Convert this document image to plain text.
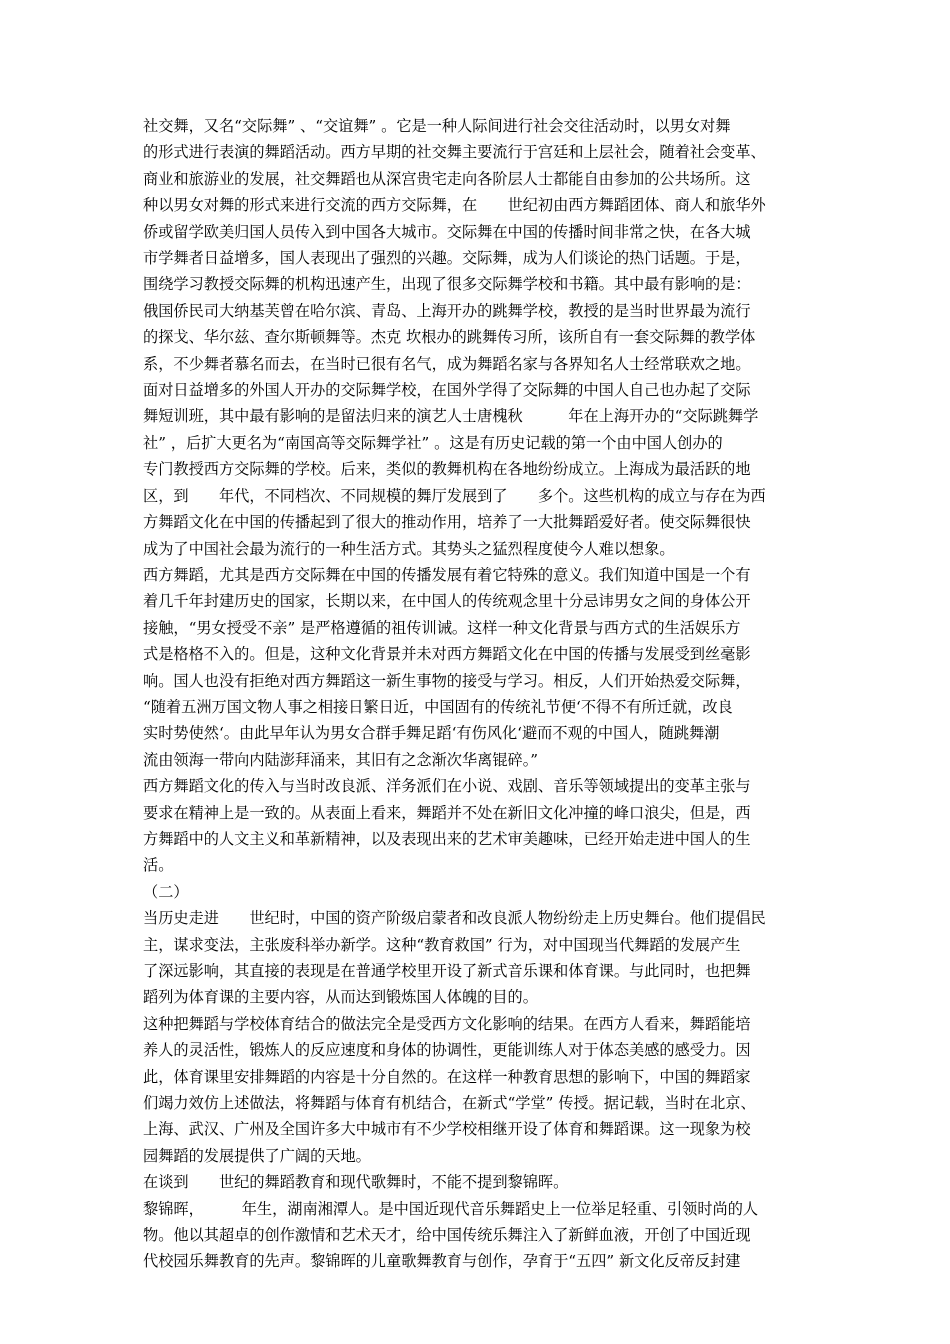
社交舞，又名“交际舞” 、“交谊舞” 。它是一种人际间进行社会交往活动时，以男女对舞
的形式进行表演的舞蹈活动。西方早期的社交舞主要流行于宫廷和上层社会，随着社会变革、
商业和旅游业的发展，社交舞蹈也从深宫贵宅走向各阶层人士都能自由参加的公共场所。这
种以男女对舞的形式来进行交流的西方交际舞，在　　世纪初由西方舞蹈团体、商人和旅华外
侨或留学欧美归国人员传入到中国各大城市。交际舞在中国的传播时间非常之快，在各大城
市学舞者日益增多，国人表现出了强烈的兴趣。交际舞，成为人们谈论的热门话题。于是，
围绕学习教授交际舞的机构迅速产生，出现了很多交际舞学校和书籍。其中最有影响的是：
俄国侨民司大纳基芙曾在哈尔滨、青岛、上海开办的跳舞学校，教授的是当时世界最为流行
的探戈、华尔兹、查尔斯顿舞等。杰克 坎根办的跳舞传习所，该所自有一套交际舞的教学体
系，不少舞者慕名而去，在当时已很有名气，成为舞蹈名家与各界知名人士经常联欢之地。
面对日益增多的外国人开办的交际舞学校，在国外学得了交际舞的中国人自己也办起了交际
舞短训班，其中最有影响的是留法归来的演艺人士唐槐秋　　　年在上海开办的“交际跳舞学
社” ，后扩大更名为“南国高等交际舞学社” 。这是有历史记载的第一个由中国人创办的
专门教授西方交际舞的学校。后来，类似的教舞机构在各地纷纷成立。上海成为最活跃的地
区，到　　年代，不同档次、不同规模的舞厅发展到了　　多个。这些机构的成立与存在为西
方舞蹈文化在中国的传播起到了很大的推动作用，培养了一大批舞蹈爱好者。使交际舞很快
成为了中国社会最为流行的一种生活方式。其势头之猛烈程度使今人难以想象。
西方舞蹈，尤其是西方交际舞在中国的传播发展有着它特殊的意义。我们知道中国是一个有
着几千年封建历史的国家，长期以来，在中国人的传统观念里十分忌讳男女之间的身体公开
接触，“男女授受不亲” 是严格遵循的祖传训诫。这样一种文化背景与西方式的生活娱乐方
式是格格不入的。但是，这种文化背景并未对西方舞蹈文化在中国的传播与发展受到丝毫影
响。国人也没有拒绝对西方舞蹈这一新生事物的接受与学习。相反，人们开始热爱交际舞，
“随着五洲万国文物人事之相接日繁日近，中国固有的传统礼节便‘不得不有所迁就，改良
实时势使然‘。由此早年认为男女合群手舞足蹈‘有伤风化‘避而不观的中国人，随跳舞潮
流由领海一带向内陆澎拜涌来，其旧有之念渐次华离锟碎。”
西方舞蹈文化的传入与当时改良派、洋务派们在小说、戏剧、音乐等领域提出的变革主张与
要求在精神上是一致的。从表面上看来，舞蹈并不处在新旧文化冲撞的峰口浪尖，但是，西
方舞蹈中的人文主义和革新精神，以及表现出来的艺术审美趣味，已经开始走进中国人的生
活。
（二）
当历史走进　　世纪时，中国的资产阶级启蒙者和改良派人物纷纷走上历史舞台。他们提倡民
主，谋求变法，主张废科举办新学。这种“教育救国” 行为，对中国现当代舞蹈的发展产生
了深远影响，其直接的表现是在普通学校里开设了新式音乐课和体育课。与此同时，也把舞
蹈列为体育课的主要内容，从而达到锻炼国人体魄的目的。
这种把舞蹈与学校体育结合的做法完全是受西方文化影响的结果。在西方人看来，舞蹈能培
养人的灵活性，锻炼人的反应速度和身体的协调性，更能训练人对于体态美感的感受力。因
此，体育课里安排舞蹈的内容是十分自然的。在这样一种教育思想的影响下，中国的舞蹈家
们竭力效仿上述做法，将舞蹈与体育有机结合，在新式“学堂” 传授。据记载，当时在北京、
上海、武汉、广州及全国许多大中城市有不少学校相继开设了体育和舞蹈课。这一现象为校
园舞蹈的发展提供了广阔的天地。
在谈到　　世纪的舞蹈教育和现代歌舞时，不能不提到黎锦晖。
黎锦晖，　　　年生，湖南湘潭人。是中国近现代音乐舞蹈史上一位举足轻重、引领时尚的人
物。他以其超卓的创作激情和艺术天才，给中国传统乐舞注入了新鲜血液，开创了中国近现
代校园乐舞教育的先声。黎锦晖的儿童歌舞教育与创作，孕育于“五四” 新文化反帝反封建
